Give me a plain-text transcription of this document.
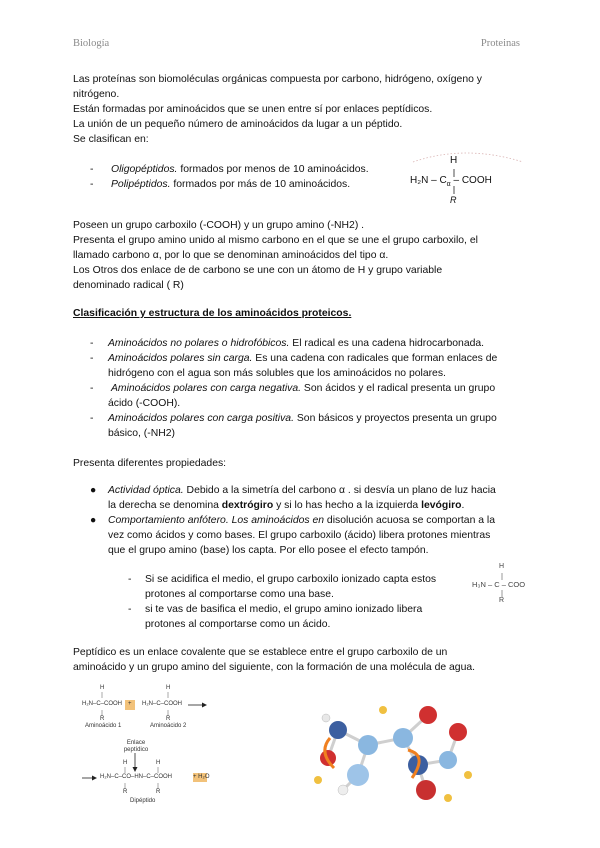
Biología	Proteinas
Las proteínas son biomoléculas orgánicas compuesta por carbono, hidrógeno, oxígeno y
nitrógeno.
Están formadas por aminoácidos que se unen entre sí por enlaces peptídicos.
La unión de un pequeño número de aminoácidos da lugar a un péptido.
Se clasifican en:
- Oligopéptidos. formados por menos de 10 aminoácidos.
- Polipéptidos. formados por más de 10 aminoácidos.
H
$H_2N - C_\alpha$ – COOH
R
Poseen un grupo carboxilo (-COOH) y un grupo amino (-NH2) .
Presenta el grupo amino unido al mismo carbono en el que se une el grupo carboxilo, el
llamado carbono α, por lo que se denominan aminoácidos del tipo α.
Los Otros dos enlace de de carbono se une con un átomo de H y grupo variable
denominado radical ( R)
Clasificación y estructura de los aminoácidos proteicos.
- Aminoácidos no polares o hidrofóbicos. El radical es una cadena hidrocarbonada.
- Aminoácidos polares sin carga. Es una cadena con radicales que forman enlaces de
hidrógeno con el agua son más solubles que los aminoácidos no polares.
- Aminoácidos polares con carga negativa. Son ácidos y el radical presenta un grupo
ácido (-COOH).
- Aminoácidos polares con carga positiva. Son básicos y proyectos presenta un grupo
básico, (-NH2)
Presenta diferentes propiedades:
● Actividad óptica. Debido a la simetría del carbono α . si desvía un plano de luz hacia
la derecha se denomina dextrógiro y si lo has hecho a la izquierda levógiro.
● Comportamiento anfótero. Los aminoácidos en disolución acuosa se comportan a la
vez como ácidos y como bases. El grupo carboxilo (ácido) libera protones mientras
que el grupo amino (base) los capta. Por ello posee el efecto tampón.
- Si se acidifica el medio, el grupo carboxilo ionizado capta estos
protones al comportarse como una base.
- si te vas de basifica el medio, el grupo amino ionizado libera
protones al comportarse como un ácido.
H
H₃N – C – COO
R
Peptídico es un enlace covalente que se establece entre el grupo carboxilo de un
aminoácido y un grupo amino del siguiente, con la formación de una molécula de agua.
H
H₂N–C–COOH +
R
Aminoácido 1
H
H₂N–C–COOH
R
Aminoácido 2
Enlace peptídico
H	H
H₂N–C–CO–HN–C–COOH	+ H₂O
R	R
Dipéptido
